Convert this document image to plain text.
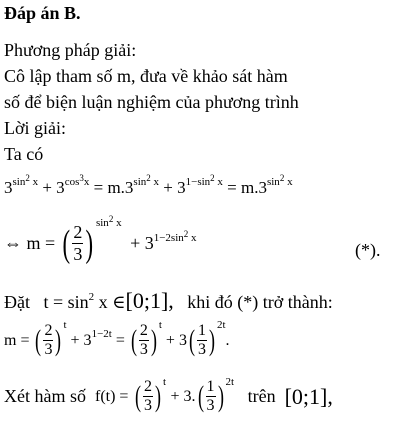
Đáp án B.
Phương pháp giải:
Cô lập tham số m, đưa về khảo sát hàm
số để biện luận nghiệm của phương trình
Lời giải:
Ta có
$3^{sin^2 x} + 3^{cos^3x} = m.3^{sin^2 x} + 3^{1-sin^2 x} = m.3^{sin^2 x}$
⇔ m = ( $\frac{2}{3}$ ) $^{sin^2 x} + 3^{1-2sin^2 x}$
(*).
Đặt $t = \sin^2 x$ ∈[0;1], khi đó (*) trở thành:
m = ( $\frac{2}{3}$ ) $^t + 3^{1-2t}$ = ( $\frac{2}{3}$ ) $^t$ + 3 ( $\frac{1}{3}$ ) $^{2t}$.
Xét hàm số f(t) = ( $\frac{2}{3}$ ) $^t$ + 3. ( $\frac{1}{3}$ ) $^{2t}$   trên [0;1],
